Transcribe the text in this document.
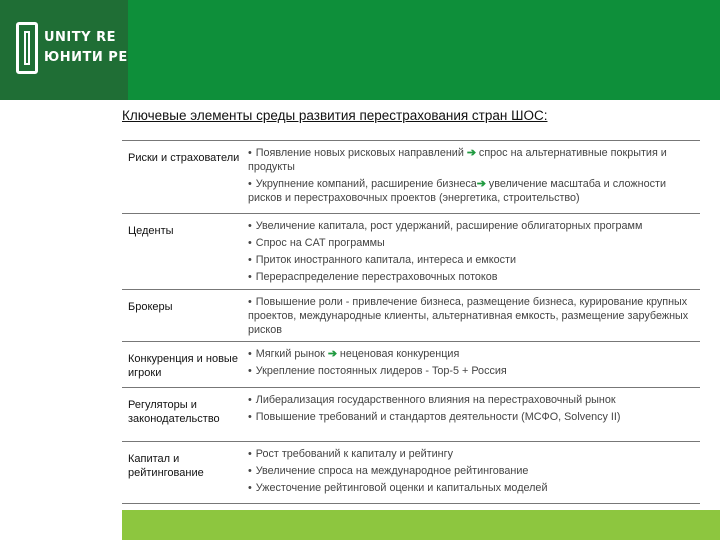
UNITY RE
ЮНИТИ РЕ
Ключевые элементы среды развития перестрахования стран ШОС:
Риски и страхователи • Появление новых рисковых направлений ➔ спрос на альтернативные покрытия и продукты
• Укрупнение компаний, расширение бизнеса➔ увеличение масштаба и сложности рисков и перестраховочных проектов (энергетика, строительство)
Цеденты	• Увеличение капитала, рост удержаний, расширение облигаторных программ
• Спрос на CAT программы
• Приток иностранного капитала, интереса и емкости
• Перераспределение перестраховочных потоков
Брокеры	• Повышение роли - привлечение бизнеса, размещение бизнеса, курирование крупных проектов, международные клиенты, альтернативная емкость, размещение зарубежных рисков
Конкуренция и новые игроки
• Мягкий рынок ➔ неценовая конкуренция
• Укрепление постоянных лидеров - Top-5 + Россия
Регуляторы и законодательство
• Либерализация государственного влияния на перестраховочный рынок
• Повышение требований и стандартов деятельности (МСФО, Solvency II)
Капитал и рейтингование
• Рост требований к капиталу и рейтингу
• Увеличение спроса на международное рейтингование
• Ужесточение рейтинговой оценки и капитальных моделей
